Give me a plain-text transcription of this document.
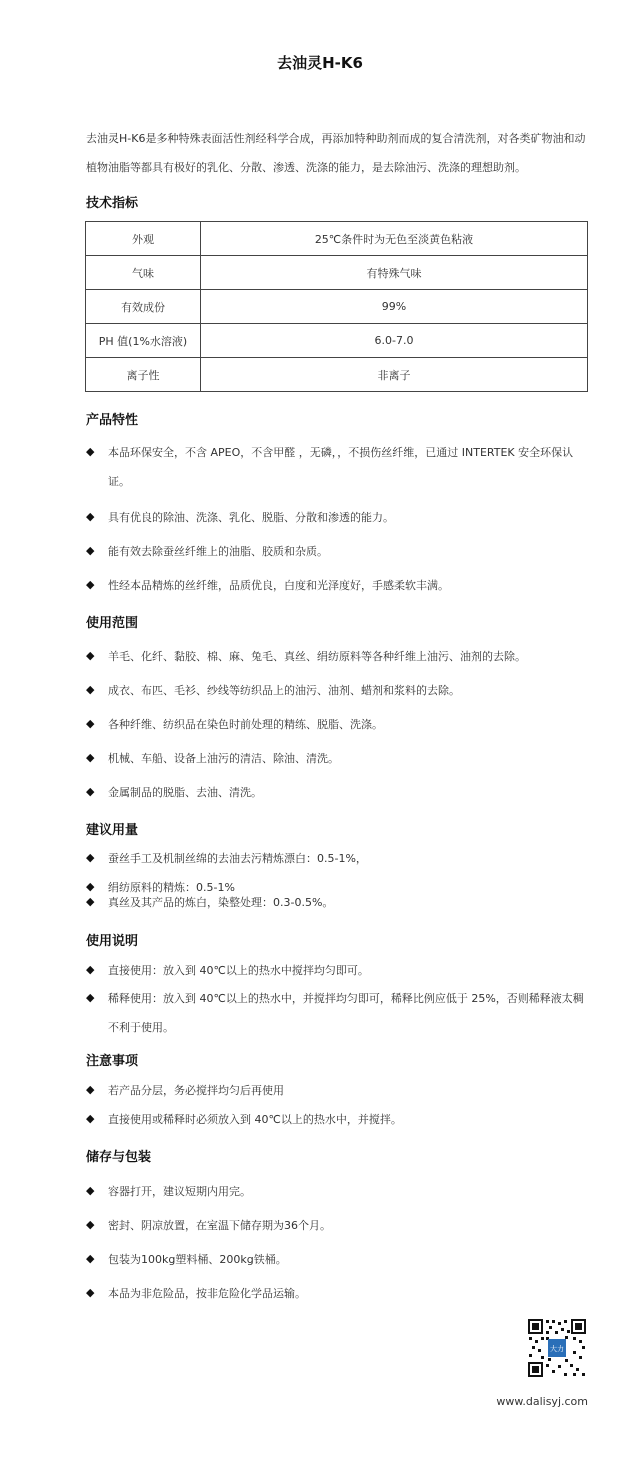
去油灵H-K6
去油灵H-K6是多种特殊表面活性剂经科学合成，再添加特种助剂而成的复合清洗剂，对各类矿物油和动植物油脂等都具有极好的乳化、分散、渗透、洗涤的能力，是去除油污、洗涤的理想助剂。
技术指标
外观	25℃条件时为无色至淡黄色粘液
气味	有特殊气味
有效成份	99%
PH 值(1%水溶液)	6.0-7.0
离子性	非离子
产品特性
◆ 本品环保安全，不含 APEO，不含甲醛 ，无磷，，不损伤丝纤维，已通过 INTERTEK 安全环保认证。
◆ 具有优良的除油、洗涤、乳化、脱脂、分散和渗透的能力。
◆ 能有效去除蚕丝纤维上的油脂、胶质和杂质。
◆ 性经本品精炼的丝纤维，品质优良，白度和光泽度好，手感柔软丰满。
使用范围
◆ 羊毛、化纤、黏胶、棉、麻、兔毛、真丝、绢纺原料等各种纤维上油污、油剂的去除。
◆ 成衣、布匹、毛衫、纱线等纺织品上的油污、油剂、蜡剂和浆料的去除。
◆ 各种纤维、纺织品在染色时前处理的精练、脱脂、洗涤。
◆ 机械、车船、设备上油污的清洁、除油、清洗。
◆ 金属制品的脱脂、去油、清洗。
建议用量
◆ 蚕丝手工及机制丝绵的去油去污精炼漂白：0.5-1%，
◆ 绢纺原料的精炼：0.5-1%
◆ 真丝及其产品的炼白，染整处理：0.3-0.5%。
使用说明
◆ 直接使用：放入到 40℃以上的热水中搅拌均匀即可。
◆ 稀释使用：放入到 40℃以上的热水中，并搅拌均匀即可，稀释比例应低于 25%，否则稀释液太稠不利于使用。
注意事项
◆ 若产品分层，务必搅拌均匀后再使用
◆ 直接使用或稀释时必须放入到 40℃以上的热水中，并搅拌。
储存与包装
◆ 容器打开，建议短期内用完。
◆ 密封、阴凉放置，在室温下储存期为36个月。
◆ 包装为100kg塑料桶、200kg铁桶。
◆ 本品为非危险品，按非危险化学品运输。
大力
www.dalisyj.com
